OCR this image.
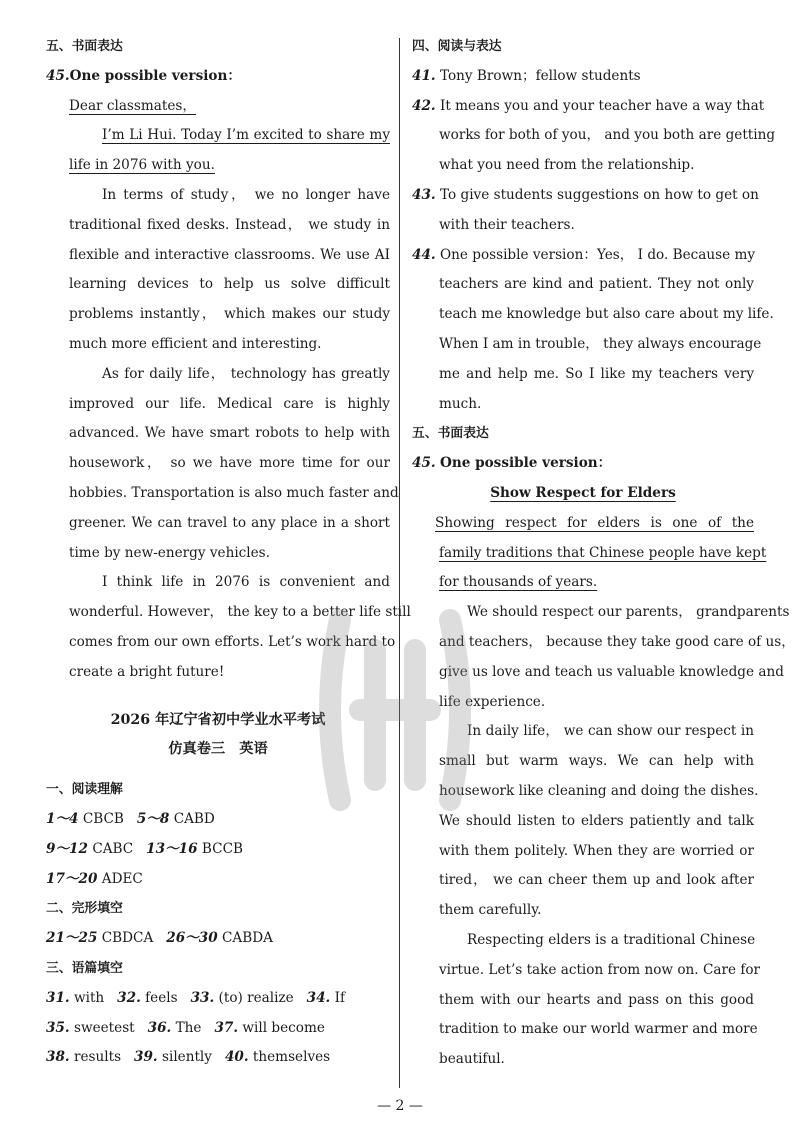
五、书面表达
45.One possible version：
Dear classmates，
I’m Li Hui. Today I’m excited to share my
life in 2076 with you.
In terms of study， we no longer have
traditional fixed desks. Instead， we study in
flexible and interactive classrooms. We use AI
learning devices to help us solve difficult
problems instantly， which makes our study
much more efficient and interesting.
As for daily life， technology has greatly
improved our life. Medical care is highly
advanced. We have smart robots to help with
housework， so we have more time for our
hobbies. Transportation is also much faster and
greener. We can travel to any place in a short
time by new-energy vehicles.
I think life in 2076 is convenient and
wonderful. However， the key to a better life still
comes from our own efforts. Let’s work hard to
create a bright future!
2026 年辽宁省初中学业水平考试
仿真卷三　英语
一、阅读理解
1～4 CBCB 5～8 CABD
9～12 CABC 13～16 BCCB
17～20 ADEC
二、完形填空
21～25 CBDCA 26～30 CABDA
三、语篇填空
31. with 32. feels 33. (to) realize 34. If
35. sweetest 36. The 37. will become
38. results 39. silently 40. themselves
四、阅读与表达
41. Tony Brown；fellow students
42. It means you and your teacher have a way that
works for both of you， and you both are getting
what you need from the relationship.
43. To give students suggestions on how to get on
with their teachers.
44. One possible version：Yes， I do. Because my
teachers are kind and patient. They not only
teach me knowledge but also care about my life.
When I am in trouble， they always encourage
me and help me. So I like my teachers very
much.
五、书面表达
45. One possible version：
Show Respect for Elders
Showing respect for elders is one of the
family traditions that Chinese people have kept
for thousands of years.
We should respect our parents， grandparents
and teachers， because they take good care of us，
give us love and teach us valuable knowledge and
life experience.
In daily life， we can show our respect in
small but warm ways. We can help with
housework like cleaning and doing the dishes.
We should listen to elders patiently and talk
with them politely. When they are worried or
tired， we can cheer them up and look after
them carefully.
Respecting elders is a traditional Chinese
virtue. Let’s take action from now on. Care for
them with our hearts and pass on this good
tradition to make our world warmer and more
beautiful.
— 2 —
